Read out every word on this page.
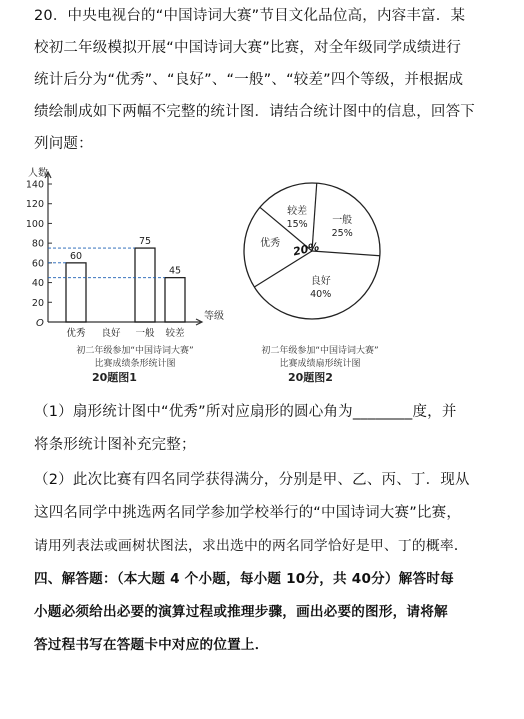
20．中央电视台的“中国诗词大赛”节目文化品位高，内容丰富．某
校初二年级模拟开展“中国诗词大赛”比赛，对全年级同学成绩进行
统计后分为“优秀”、“良好”、“一般”、“较差”四个等级，并根据成
绩绘制成如下两幅不完整的统计图．请结合统计图中的信息，回答下
列问题：
人数
等级
O
20
40
60
80
100
120
140
优秀
60
良好 一般
75
较差
45
初二年级参加“中国诗词大赛”
比赛成绩条形统计图
20题图1
较差
15% 一般
25%
良好
40%
优秀 20%
初二年级参加“中国诗词大赛”
比赛成绩扇形统计图
20题图2
（1）扇形统计图中“优秀”所对应扇形的圆心角为________度，并
将条形统计图补充完整；
（2）此次比赛有四名同学获得满分，分别是甲、乙、丙、丁．现从
这四名同学中挑选两名同学参加学校举行的“中国诗词大赛”比赛，
请用列表法或画树状图法，求出选中的两名同学恰好是甲、丁的概率．
四、解答题：（本大题 4 个小题，每小题 10分，共 40分）解答时每
小题必须给出必要的演算过程或推理步骤，画出必要的图形，请将解
答过程书写在答题卡中对应的位置上．
